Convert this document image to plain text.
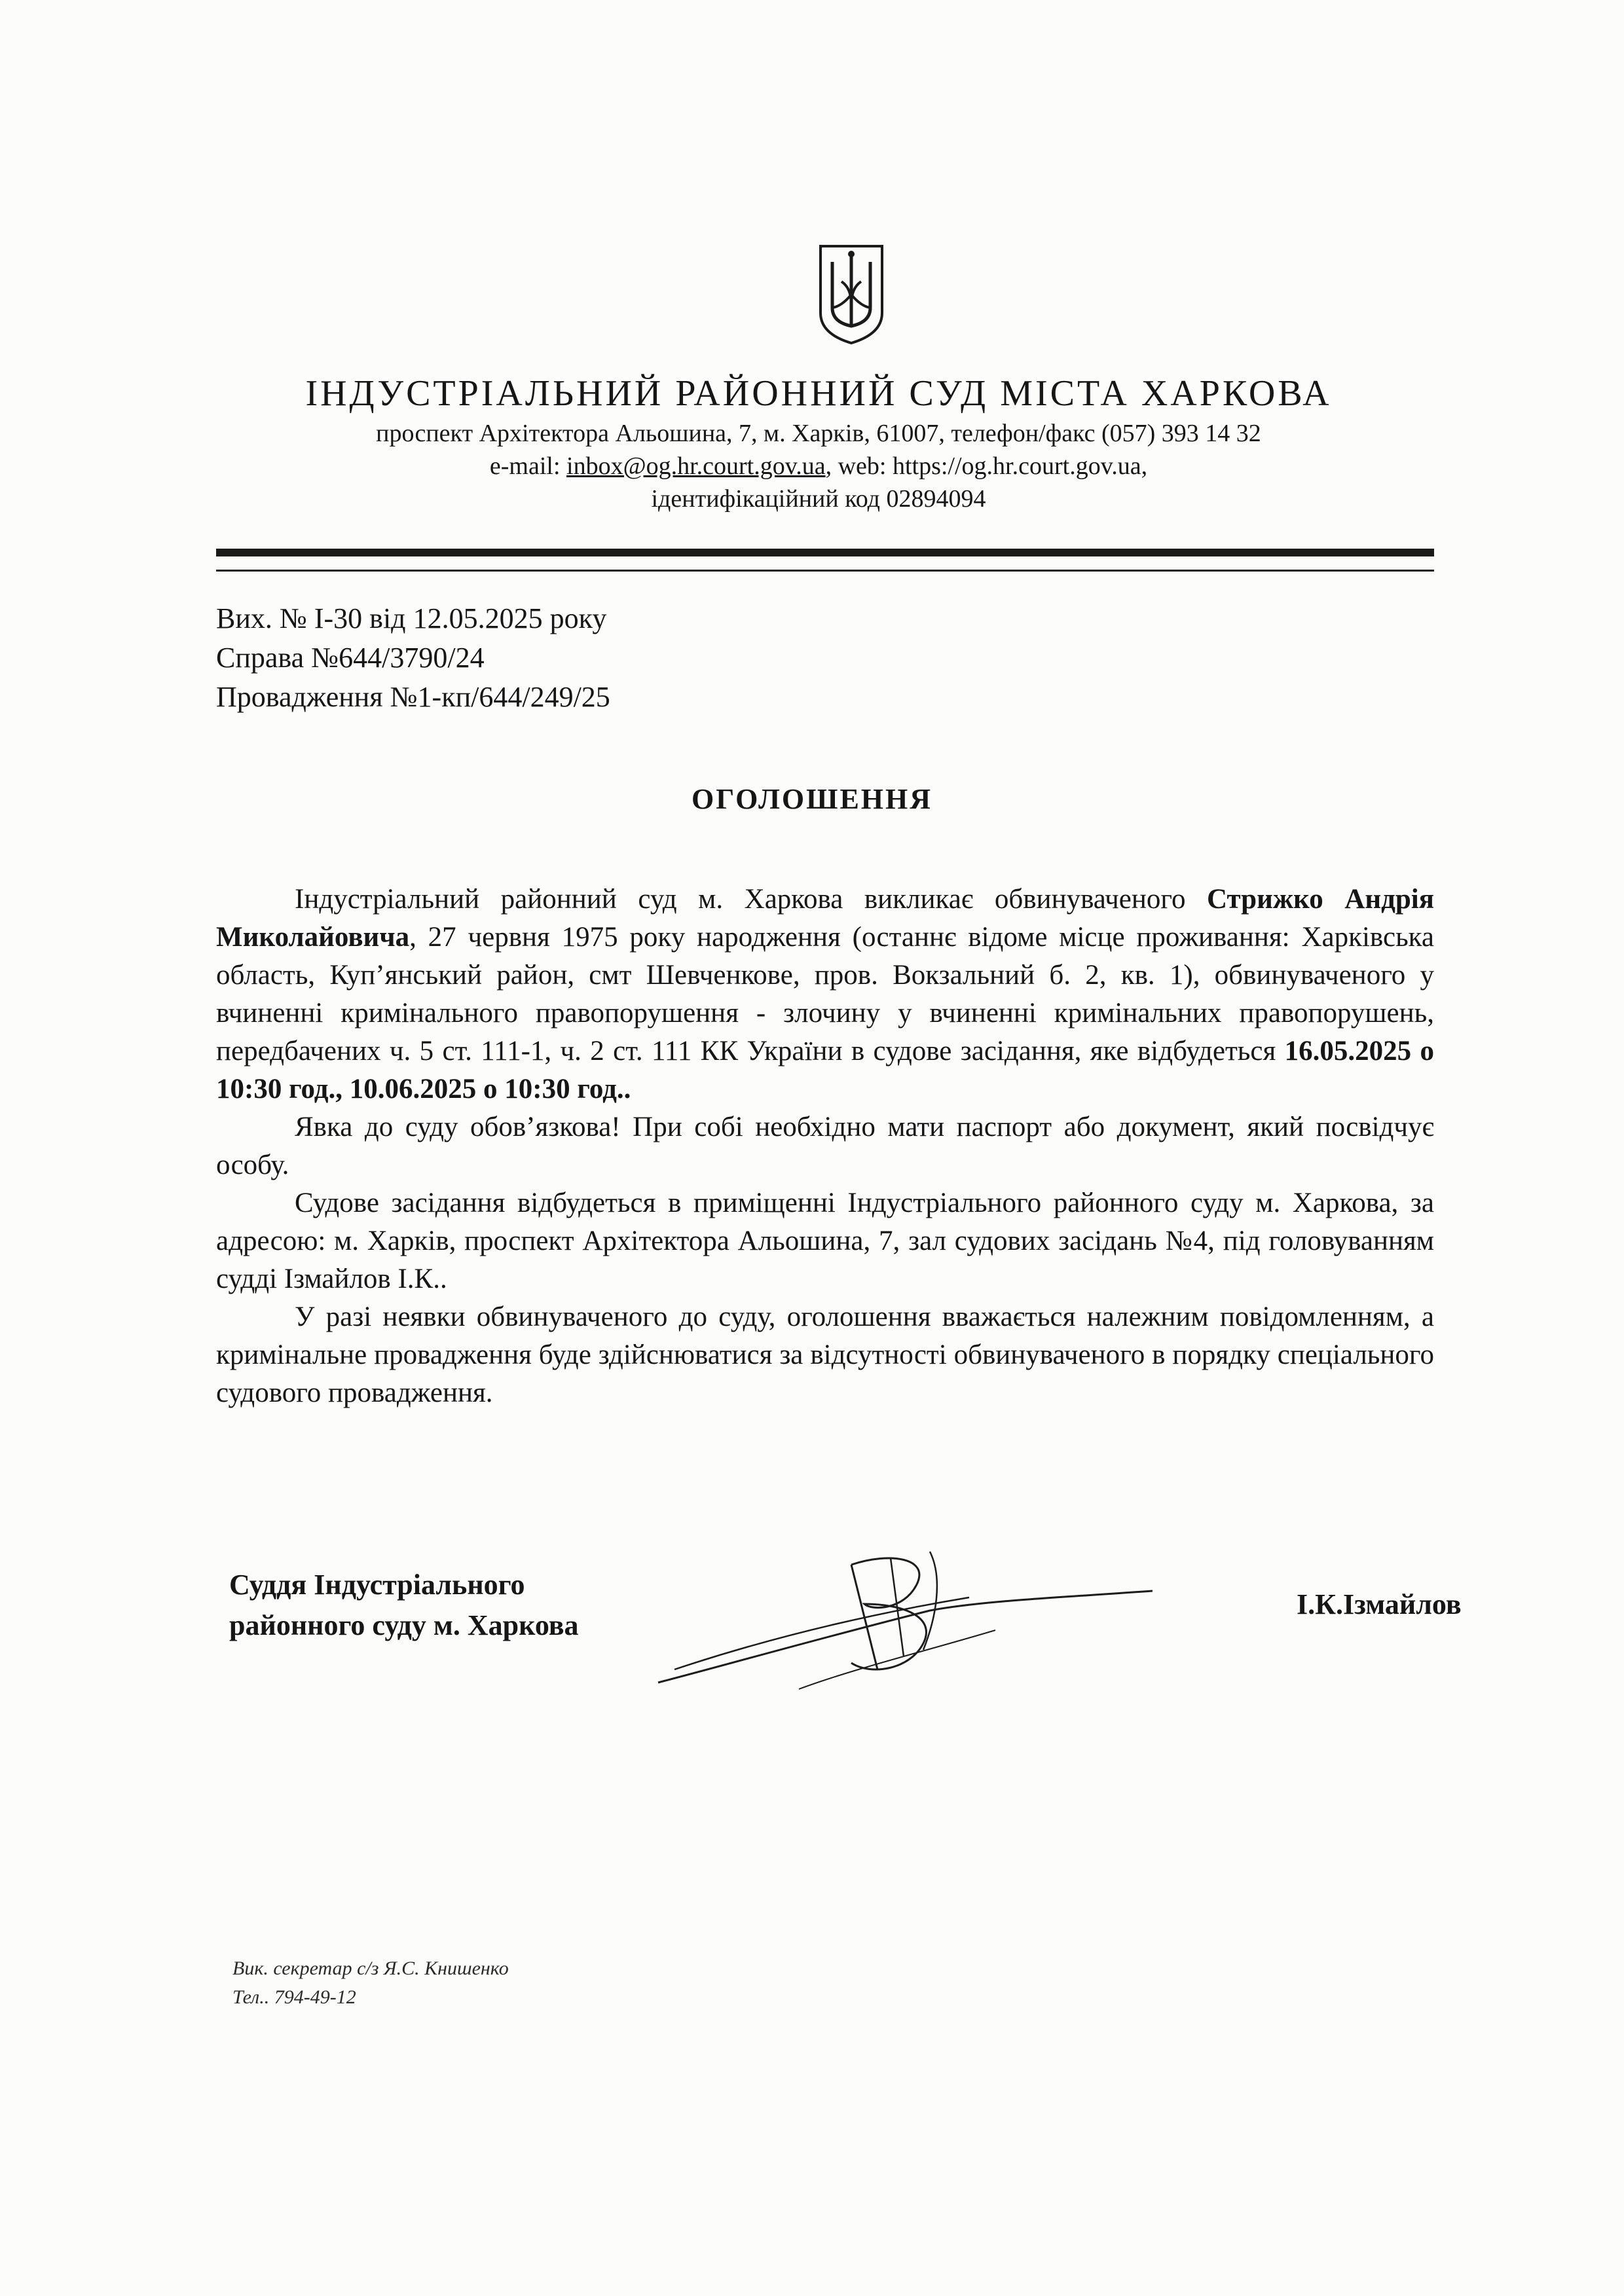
ІНДУСТРІАЛЬНИЙ РАЙОННИЙ СУД МІСТА ХАРКОВА

проспект Архітектора Альошина, 7, м. Харків, 61007, телефон/факс (057) 393 14 32

e-mail: inbox@og.hr.court.gov.ua, web: https://og.hr.court.gov.ua,

ідентифікаційний код 02894094

Вих. № І-30 від 12.05.2025 року
Справа №644/3790/24
Провадження №1-кп/644/249/25
ОГОЛОШЕННЯ

Індустріальний районний суд м. Харкова викликає обвинуваченого Стрижко Андрія Миколайовича, 27 червня 1975 року народження (останнє відоме місце проживання: Харківська область, Куп’янський район, смт Шевченкове, пров. Вокзальний б. 2, кв. 1), обвинуваченого у вчиненні кримінального правопорушення - злочину у вчиненні кримінальних правопорушень, передбачених ч. 5 ст. 111-1, ч. 2 ст. 111 КК України в судове засідання, яке відбудеться 16.05.2025 о 10:30 год., 10.06.2025 о 10:30 год..

Явка до суду обов’язкова! При собі необхідно мати паспорт або документ, який посвідчує особу.

Судове засідання відбудеться в приміщенні Індустріального районного суду м. Харкова, за адресою: м. Харків, проспект Архітектора Альошина, 7, зал судових засідань №4, під головуванням судді Ізмайлов І.К..

У разі неявки обвинуваченого до суду, оголошення вважається належним повідомленням, а кримінальне провадження буде здійснюватися за відсутності обвинуваченого в порядку спеціального судового провадження.

Суддя Індустріального
районного суду м. Харкова
І.К.Ізмайлов
Вик. секретар с/з Я.С. Книшенко
Тел.. 794-49-12
